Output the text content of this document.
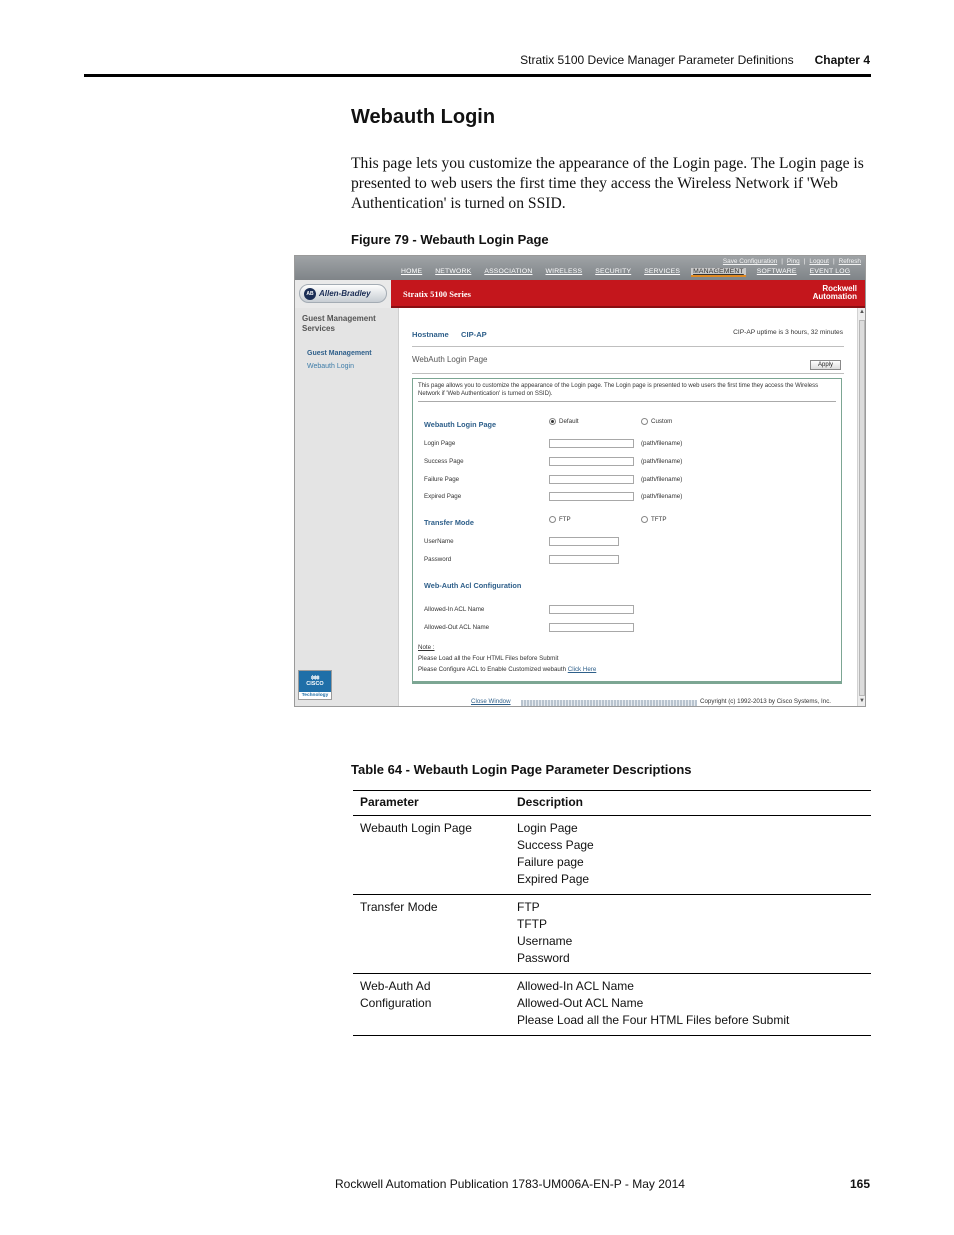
Stratix 5100 Device Manager Parameter Definitions Chapter 4
Webauth Login

This page lets you customize the appearance of the Login page. The Login page is presented to web users the first time they access the Wireless Network if 'Web Authentication' is turned on SSID.

Figure 79 - Webauth Login Page
Save Configuration | Ping | Logout | Refresh
HOME NETWORK ASSOCIATION WIRELESS SECURITY SERVICES MANAGEMENT SOFTWARE EVENT LOG
AB Allen-Bradley	Stratix 5100 Series
Rockwell
Automation
Guest Management Services
Guest Management
Webauth Login
ı|ıı|ıı|ı
CISCO
Technology
Hostname CIP-AP	CIP-AP uptime is 3 hours, 32 minutes
WebAuth Login Page
Apply
This page allows you to customize the appearance of the Login page. The Login page is presented to web users the first time they access the Wireless Network if 'Web Authentication' is turned on SSID).
Webauth Login Page	Default	Custom
Login Page	(path/filename)
Success Page	(path/filename)
Failure Page	(path/filename)
Expired Page	(path/filename)
Transfer Mode	FTP	TFTP
UserName
Password
Web-Auth Acl Configuration
Allowed-In ACL Name
Allowed-Out ACL Name
Note :
Please Load all the Four HTML Files before Submit
Please Configure ACL to Enable Customized webauth Click Here
▲
▼
Close Window	Copyright (c) 1992-2013 by Cisco Systems, Inc.
Table 64 - Webauth Login Page Parameter Descriptions
Parameter	Description
Webauth Login Page	Login Page
Success Page
Failure page
Expired Page

Transfer Mode	FTP
TFTP
Username
Password

Web-Auth Ad Configuration	Allowed-In ACL Name
Allowed-Out ACL Name
Please Load all the Four HTML Files before Submit
Rockwell Automation Publication 1783-UM006A-EN-P - May 2014	165
